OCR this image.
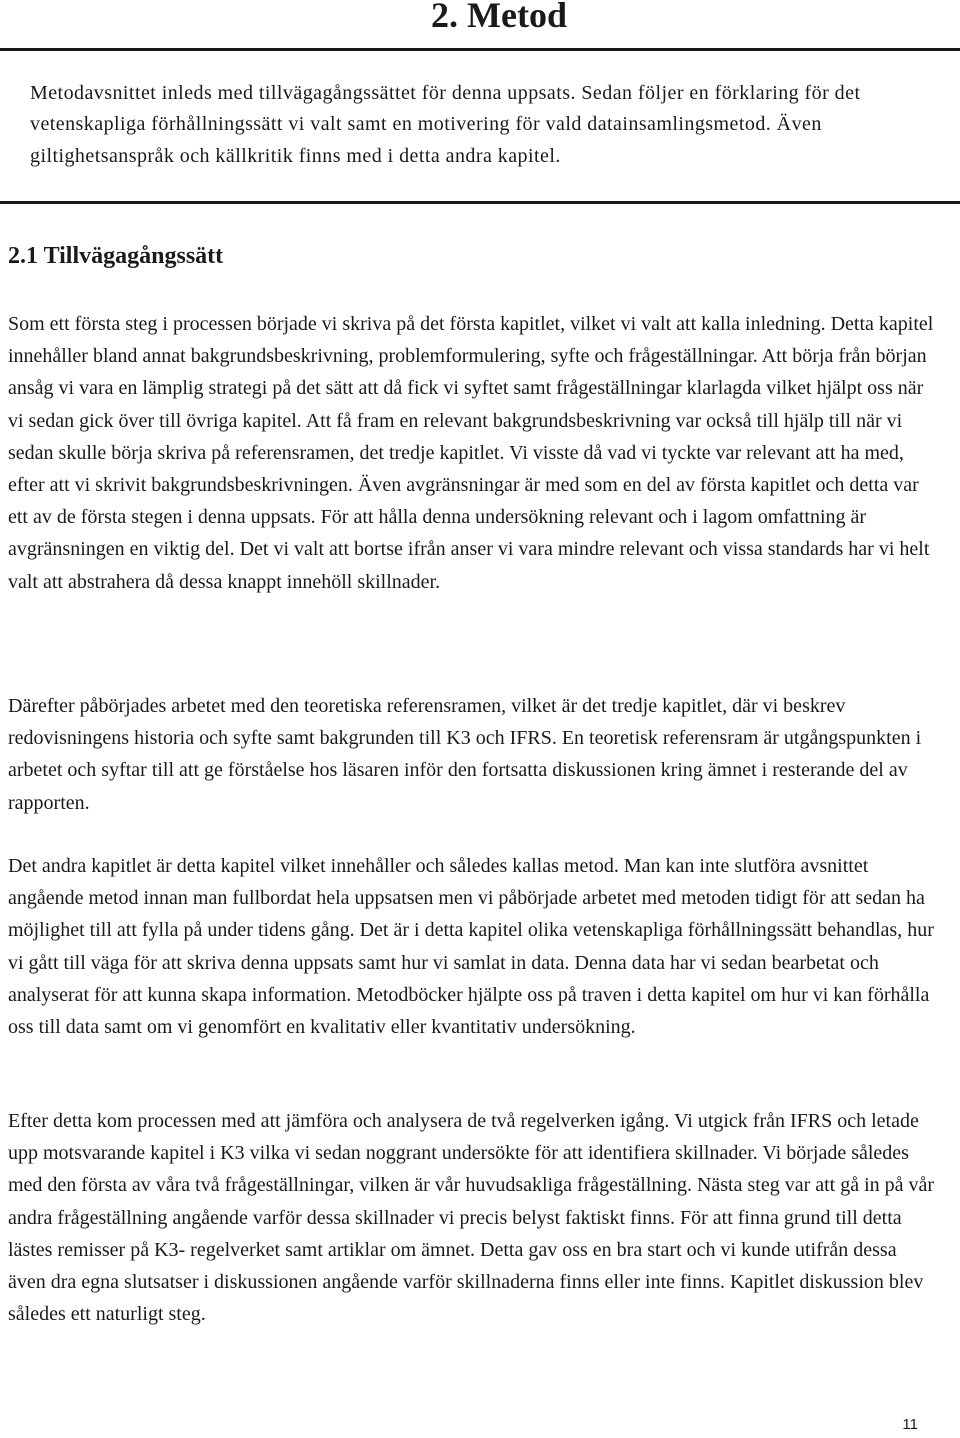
2. Metod

Metodavsnittet inleds med tillvägagångssättet för denna uppsats. Sedan följer en förklaring för det vetenskapliga förhållningssätt vi valt samt en motivering för vald datainsamlingsmetod. Även giltighetsanspråk och källkritik finns med i detta andra kapitel.

2.1 Tillvägagångssätt

Som ett första steg i processen började vi skriva på det första kapitlet, vilket vi valt att kalla inledning. Detta kapitel innehåller bland annat bakgrundsbeskrivning, problemformulering, syfte och frågeställningar. Att börja från början ansåg vi vara en lämplig strategi på det sätt att då fick vi syftet samt frågeställningar klarlagda vilket hjälpt oss när vi sedan gick över till övriga kapitel. Att få fram en relevant bakgrundsbeskrivning var också till hjälp till när vi sedan skulle börja skriva på referensramen, det tredje kapitlet. Vi visste då vad vi tyckte var relevant att ha med, efter att vi skrivit bakgrundsbeskrivningen. Även avgränsningar är med som en del av första kapitlet och detta var ett av de första stegen i denna uppsats. För att hålla denna undersökning relevant och i lagom omfattning är avgränsningen en viktig del. Det vi valt att bortse ifrån anser vi vara mindre relevant och vissa standards har vi helt valt att abstrahera då dessa knappt innehöll skillnader.

Därefter påbörjades arbetet med den teoretiska referensramen, vilket är det tredje kapitlet, där vi beskrev redovisningens historia och syfte samt bakgrunden till K3 och IFRS. En teoretisk referensram är utgångspunkten i arbetet och syftar till att ge förståelse hos läsaren inför den fortsatta diskussionen kring ämnet i resterande del av rapporten.

Det andra kapitlet är detta kapitel vilket innehåller och således kallas metod. Man kan inte slutföra avsnittet angående metod innan man fullbordat hela uppsatsen men vi påbörjade arbetet med metoden tidigt för att sedan ha möjlighet till att fylla på under tidens gång. Det är i detta kapitel olika vetenskapliga förhållningssätt behandlas, hur vi gått till väga för att skriva denna uppsats samt hur vi samlat in data. Denna data har vi sedan bearbetat och analyserat för att kunna skapa information. Metodböcker hjälpte oss på traven i detta kapitel om hur vi kan förhålla oss till data samt om vi genomfört en kvalitativ eller kvantitativ undersökning.

Efter detta kom processen med att jämföra och analysera de två regelverken igång. Vi utgick från IFRS och letade upp motsvarande kapitel i K3 vilka vi sedan noggrant undersökte för att identifiera skillnader. Vi började således med den första av våra två frågeställningar, vilken är vår huvudsakliga frågeställning. Nästa steg var att gå in på vår andra frågeställning angående varför dessa skillnader vi precis belyst faktiskt finns. För att finna grund till detta lästes remisser på K3- regelverket samt artiklar om ämnet. Detta gav oss en bra start och vi kunde utifrån dessa även dra egna slutsatser i diskussionen angående varför skillnaderna finns eller inte finns. Kapitlet diskussion blev således ett naturligt steg.

11
